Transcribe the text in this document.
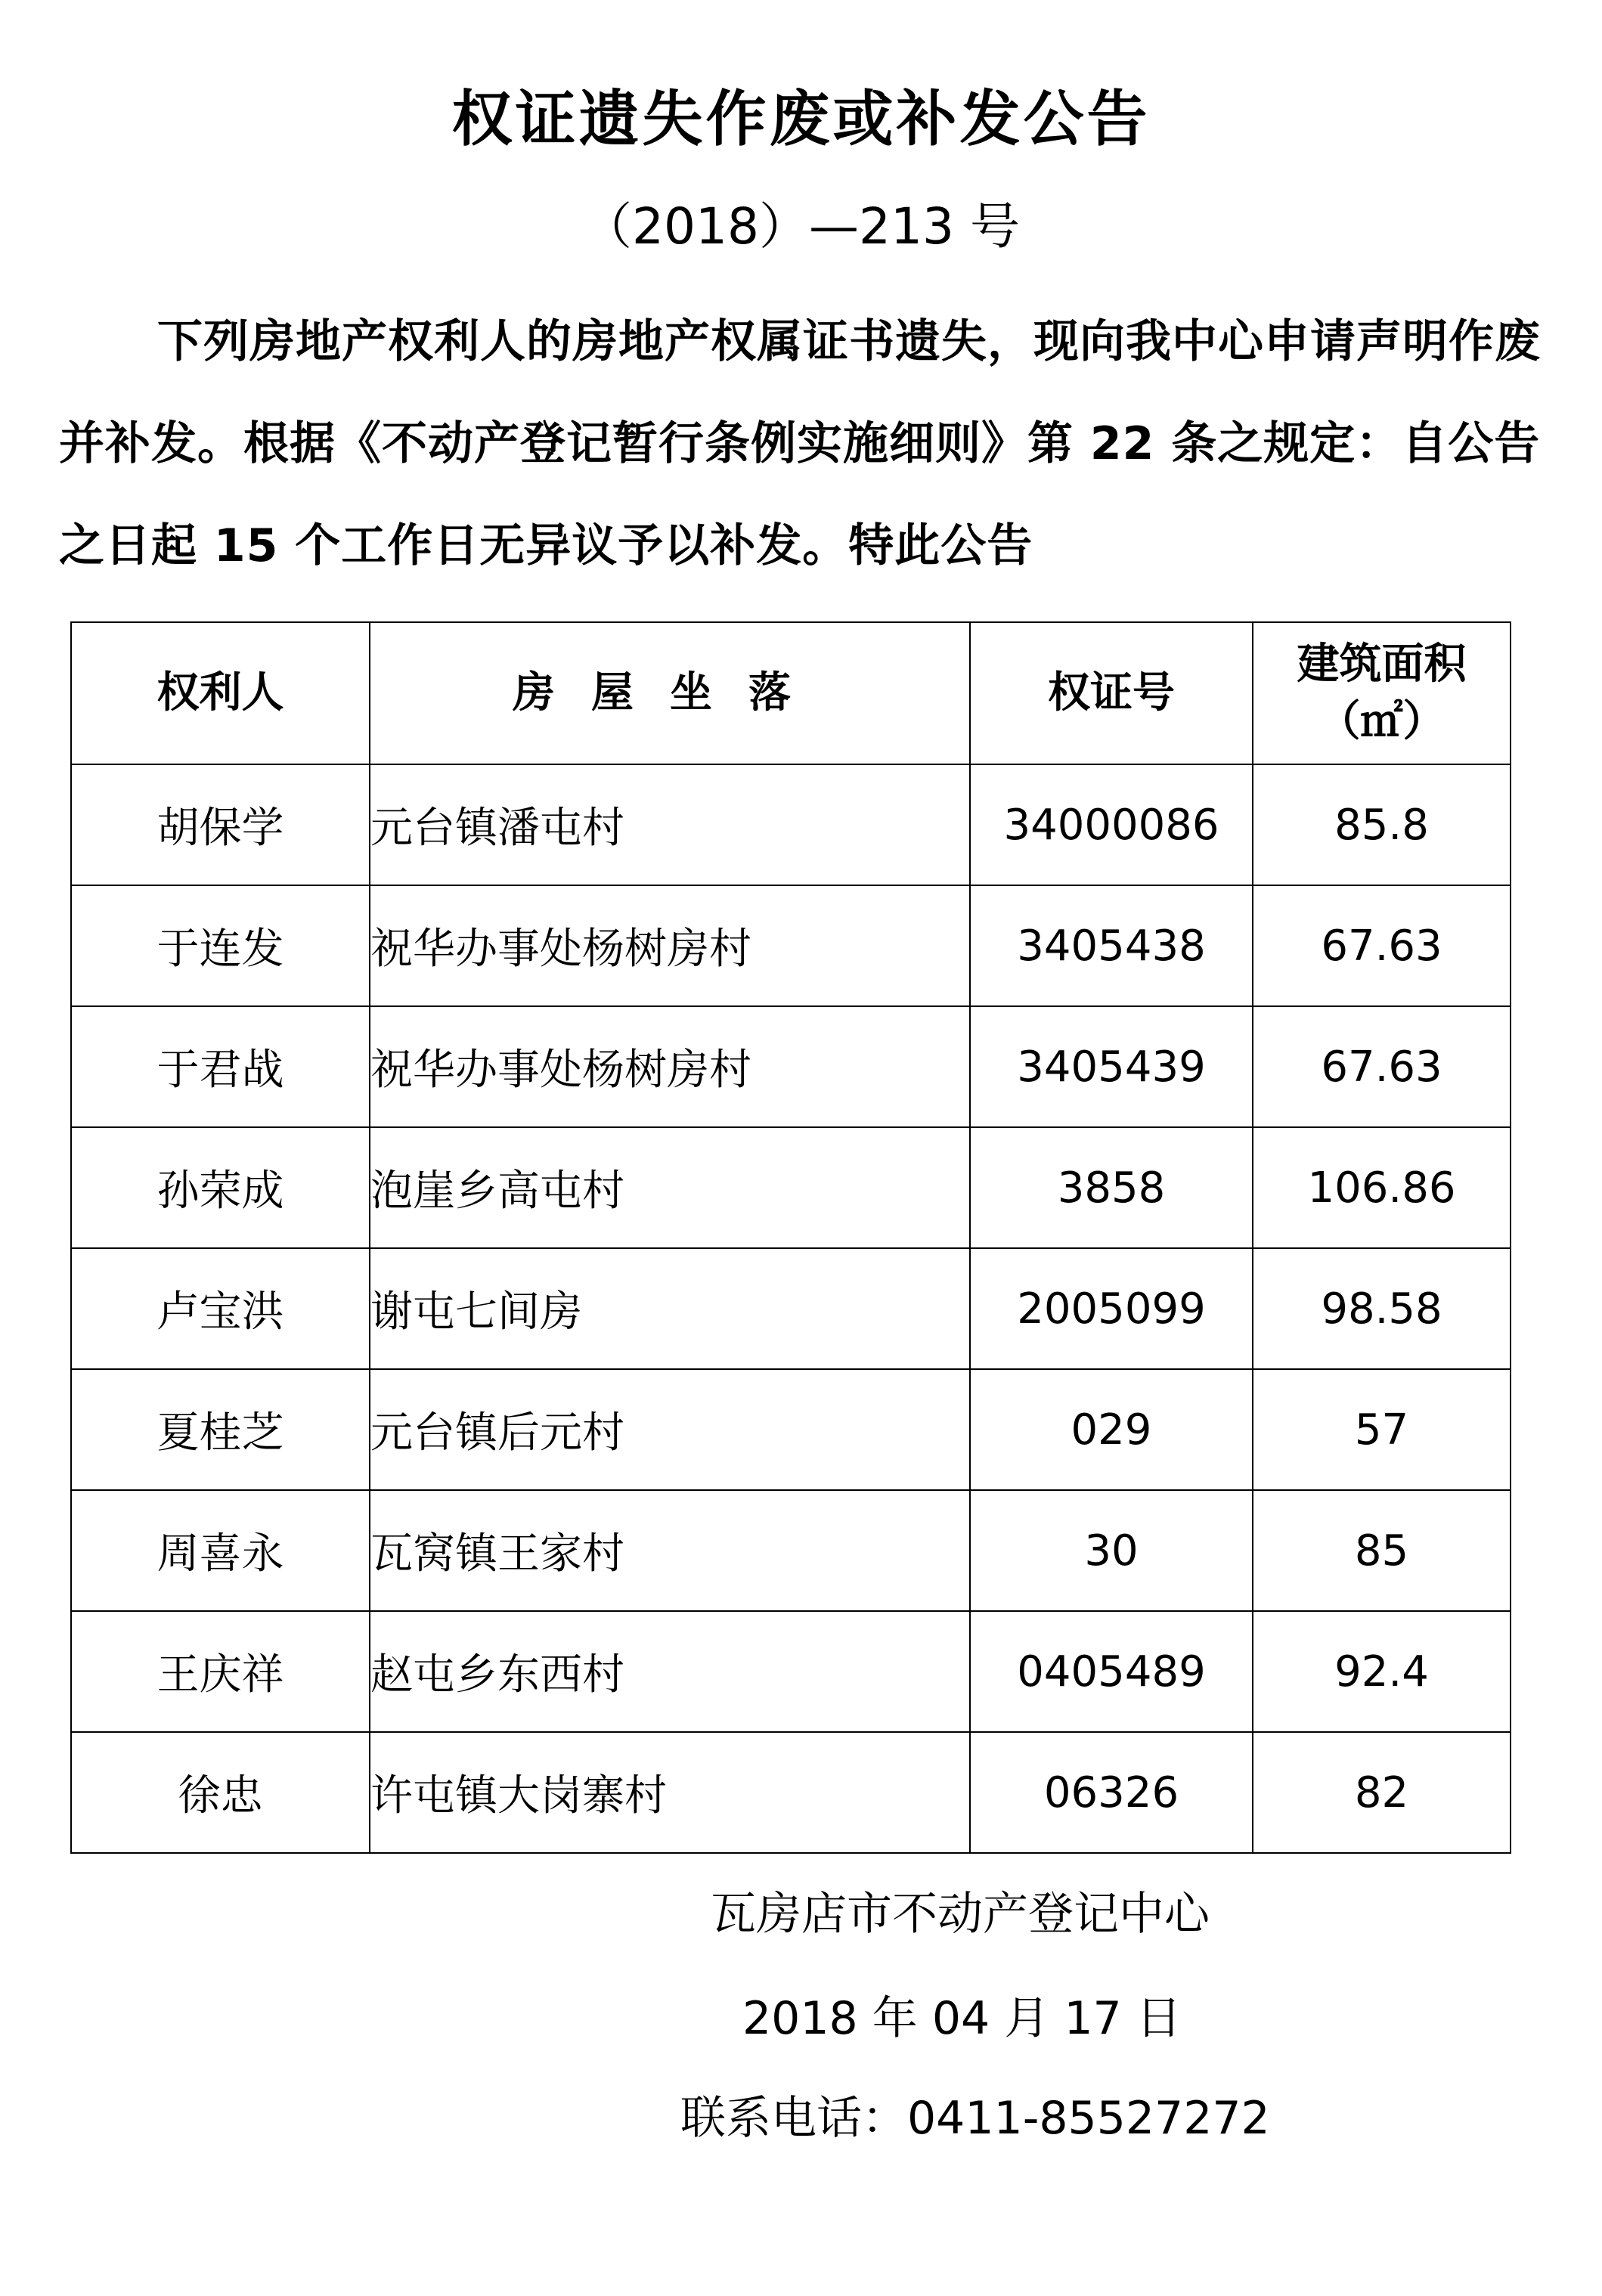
权证遗失作废或补发公告
（2018）—213 号
下列房地产权利人的房地产权属证书遗失，现向我中心申请声明作废并补发。根据《不动产登记暂行条例实施细则》第 22 条之规定：自公告之日起 15 个工作日无异议予以补发。特此公告
权利人	房屋坐落	权证号	建筑面积
（㎡）

胡保学	元台镇潘屯村	34000086	85.8
于连发	祝华办事处杨树房村	3405438	67.63
于君战	祝华办事处杨树房村	3405439	67.63
孙荣成	泡崖乡高屯村	3858	106.86
卢宝洪	谢屯七间房	2005099	98.58
夏桂芝	元台镇后元村	029	57
周喜永	瓦窝镇王家村	30	85
王庆祥	赵屯乡东西村	0405489	92.4
徐忠	许屯镇大岗寨村	06326	82
瓦房店市不动产登记中心
2018 年 04 月 17 日
联系电话：0411-85527272
